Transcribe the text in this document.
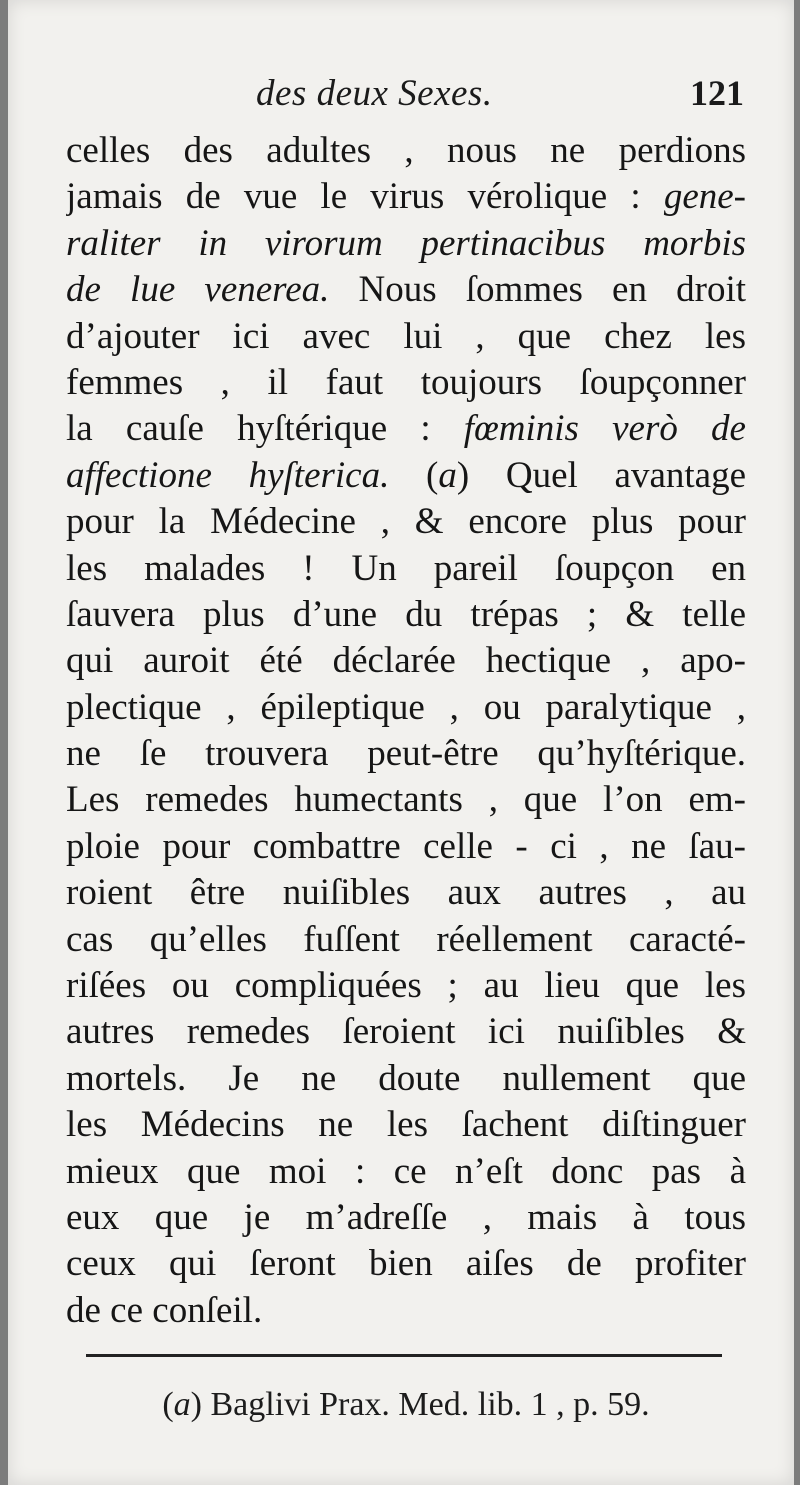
des deux Sexes.	121
celles des adultes , nous ne perdions
jamais de vue le virus vérolique : gene-
raliter in virorum pertinacibus morbis
de lue venerea. Nous ſommes en droit
d’ajouter ici avec lui , que chez les
femmes , il faut toujours ſoupçonner
la cauſe hyſtérique : fœminis verò de
affectione hyſterica. (a) Quel avantage
pour la Médecine , & encore plus pour
les malades ! Un pareil ſoupçon en
ſauvera plus d’une du trépas ; & telle
qui auroit été déclarée hectique , apo-
plectique , épileptique , ou paralytique ,
ne ſe trouvera peut-être qu’hyſtérique.
Les remedes humectants , que l’on em-
ploie pour combattre celle - ci , ne ſau-
roient être nuiſibles aux autres , au
cas qu’elles fuſſent réellement caracté-
riſées ou compliquées ; au lieu que les
autres remedes ſeroient ici nuiſibles &
mortels. Je ne doute nullement que
les Médecins ne les ſachent diſtinguer
mieux que moi : ce n’eſt donc pas à
eux que je m’adreſſe , mais à tous
ceux qui ſeront bien aiſes de profiter
de ce conſeil.
(a) Baglivi Prax. Med. lib. 1 , p. 59.
